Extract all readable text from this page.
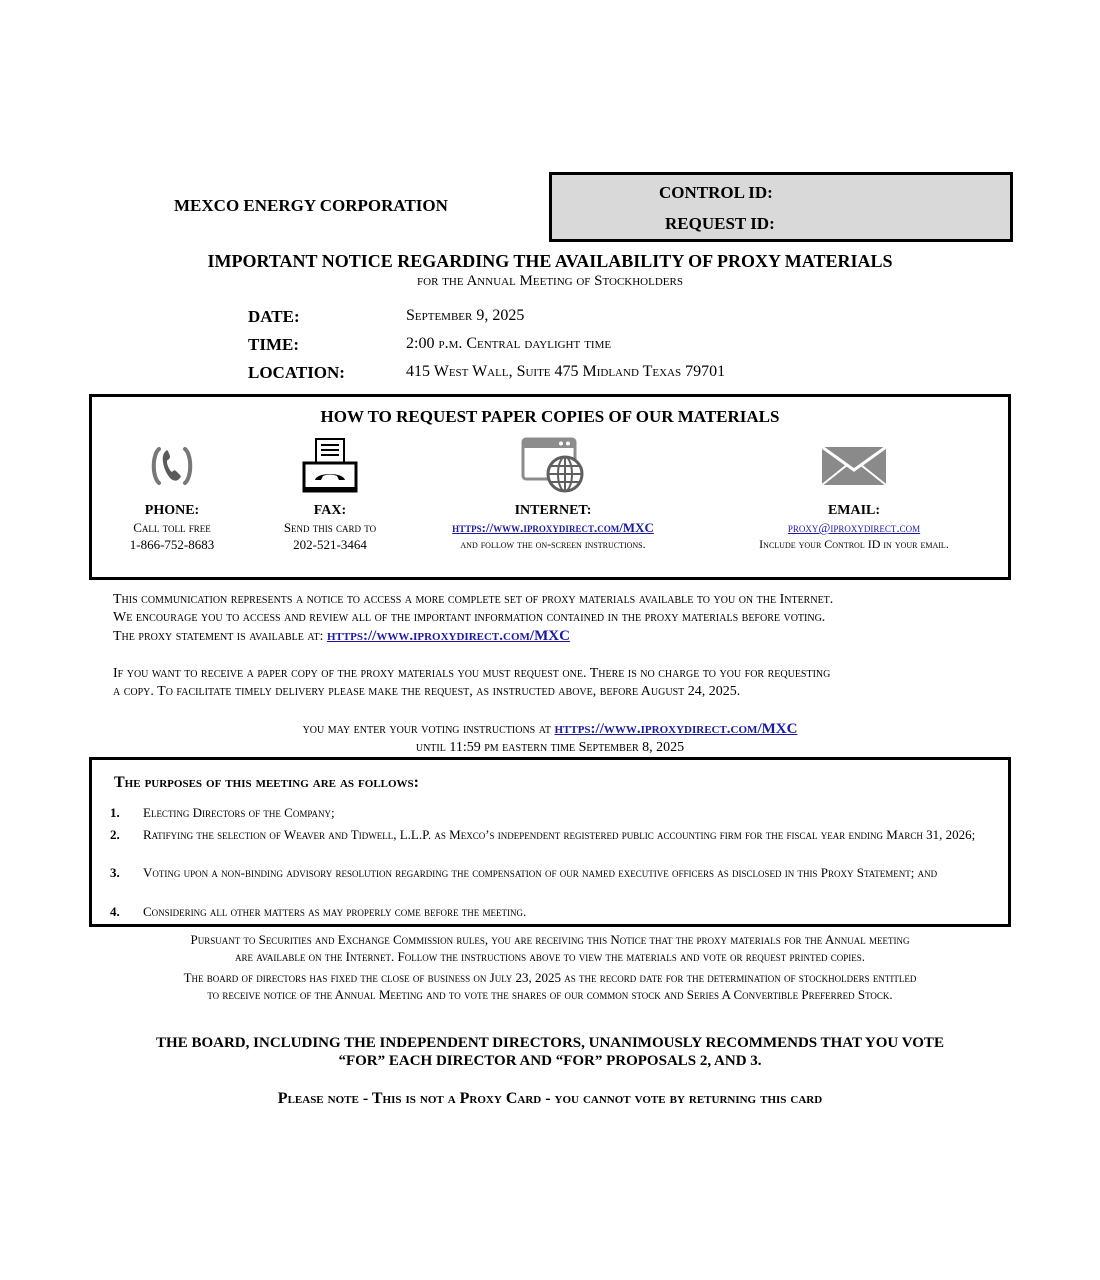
MEXCO ENERGY CORPORATION
CONTROL ID:
REQUEST ID:
IMPORTANT NOTICE REGARDING THE AVAILABILITY OF PROXY MATERIALS
for the Annual Meeting of Stockholders
DATE:	September 9, 2025
TIME:	2:00 p.m. Central daylight time
LOCATION:	415 West Wall, Suite 475 Midland Texas 79701
HOW TO REQUEST PAPER COPIES OF OUR MATERIALS
PHONE:
Call toll free
1-866-752-8683
FAX:
Send this card to
202-521-3464
INTERNET:
https://www.iproxydirect.com/MXC
and follow the on-screen instructions.
EMAIL:
proxy@iproxydirect.com
Include your Control ID in your email.
This communication represents a notice to access a more complete set of proxy materials available to you on the Internet.
We encourage you to access and review all of the important information contained in the proxy materials before voting.
The proxy statement is available at: https://www.iproxydirect.com/MXC
If you want to receive a paper copy of the proxy materials you must request one. There is no charge to you for requesting
a copy. To facilitate timely delivery please make the request, as instructed above, before August 24, 2025.
you may enter your voting instructions at https://www.iproxydirect.com/MXC
until 11:59 pm eastern time September 8, 2025
The purposes of this meeting are as follows:
1. Electing Directors of the Company;
2. Ratifying the selection of Weaver and Tidwell, L.L.P. as Mexco’s independent registered public accounting firm for the fiscal year ending March 31, 2026;
3. Voting upon a non-binding advisory resolution regarding the compensation of our named executive officers as disclosed in this Proxy Statement; and
4. Considering all other matters as may properly come before the meeting.
Pursuant to Securities and Exchange Commission rules, you are receiving this Notice that the proxy materials for the Annual meeting
are available on the Internet. Follow the instructions above to view the materials and vote or request printed copies.
The board of directors has fixed the close of business on July 23, 2025 as the record date for the determination of stockholders entitled
to receive notice of the Annual Meeting and to vote the shares of our common stock and Series A Convertible Preferred Stock.
THE BOARD, INCLUDING THE INDEPENDENT DIRECTORS, UNANIMOUSLY RECOMMENDS THAT YOU VOTE
“FOR” EACH DIRECTOR AND “FOR” PROPOSALS 2, AND 3.
Please note - This is not a Proxy Card - you cannot vote by returning this card
